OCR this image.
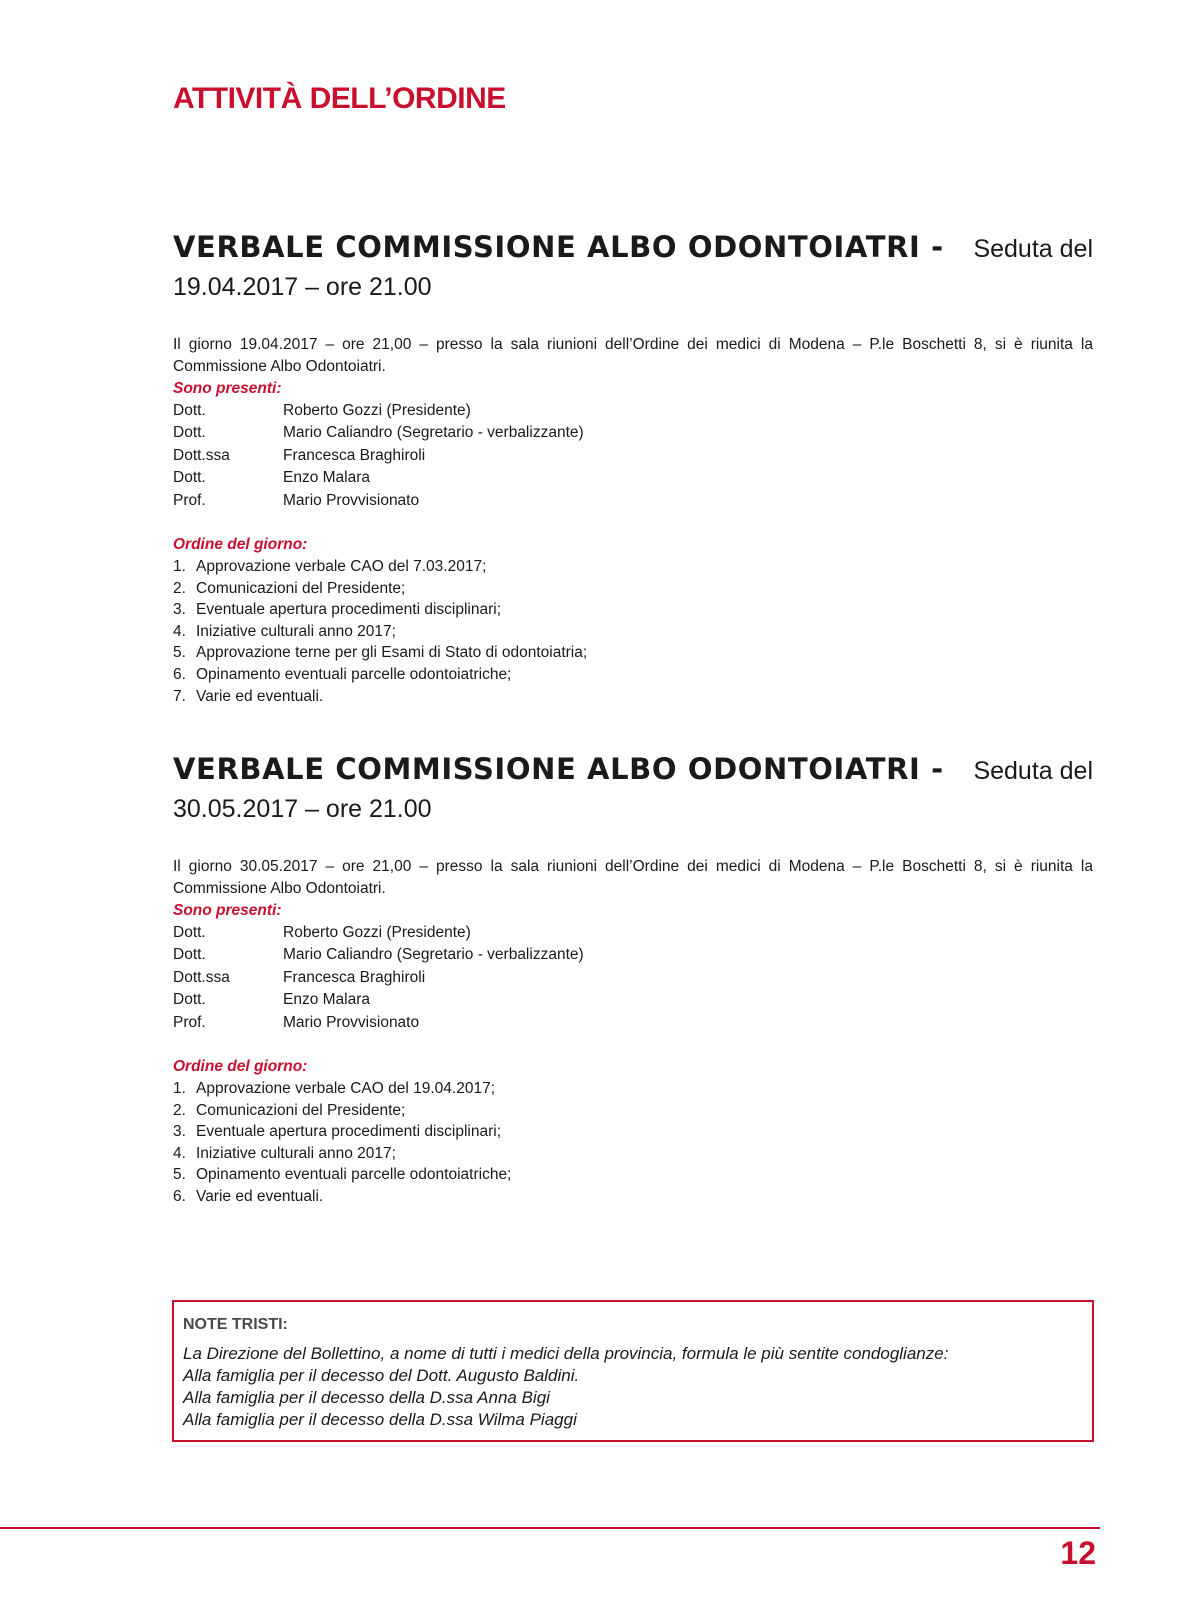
ATTIVITÀ DELL’ORDINE
VERBALE COMMISSIONE ALBO ODONTOIATRI - Seduta del
19.04.2017 – ore 21.00

Il giorno 19.04.2017 – ore 21,00 – presso la sala riunioni dell’Ordine dei medici di Modena – P.le Boschetti 8, si è riunita la Commissione Albo Odontoiatri.

Sono presenti:
Dott.	Roberto Gozzi (Presidente)
Dott.	Mario Caliandro (Segretario - verbalizzante)
Dott.ssa	Francesca Braghiroli
Dott.	Enzo Malara
Prof.	Mario Provvisionato
Ordine del giorno:
1. Approvazione verbale CAO del 7.03.2017;
2. Comunicazioni del Presidente;
3. Eventuale apertura procedimenti disciplinari;
4. Iniziative culturali anno 2017;
5. Approvazione terne per gli Esami di Stato di odontoiatria;
6. Opinamento eventuali parcelle odontoiatriche;
7. Varie ed eventuali.
VERBALE COMMISSIONE ALBO ODONTOIATRI - Seduta del
30.05.2017 – ore 21.00

Il giorno 30.05.2017 – ore 21,00 – presso la sala riunioni dell’Ordine dei medici di Modena – P.le Boschetti 8, si è riunita la Commissione Albo Odontoiatri.

Sono presenti:
Dott.	Roberto Gozzi (Presidente)
Dott.	Mario Caliandro (Segretario - verbalizzante)
Dott.ssa	Francesca Braghiroli
Dott.	Enzo Malara
Prof.	Mario Provvisionato
Ordine del giorno:
1. Approvazione verbale CAO del 19.04.2017;
2. Comunicazioni del Presidente;
3. Eventuale apertura procedimenti disciplinari;
4. Iniziative culturali anno 2017;
5. Opinamento eventuali parcelle odontoiatriche;
6. Varie ed eventuali.
NOTE TRISTI:
La Direzione del Bollettino, a nome di tutti i medici della provincia, formula le più sentite condoglianze:
Alla famiglia per il decesso del Dott. Augusto Baldini.
Alla famiglia per il decesso della D.ssa Anna Bigi
Alla famiglia per il decesso della D.ssa Wilma Piaggi
12
